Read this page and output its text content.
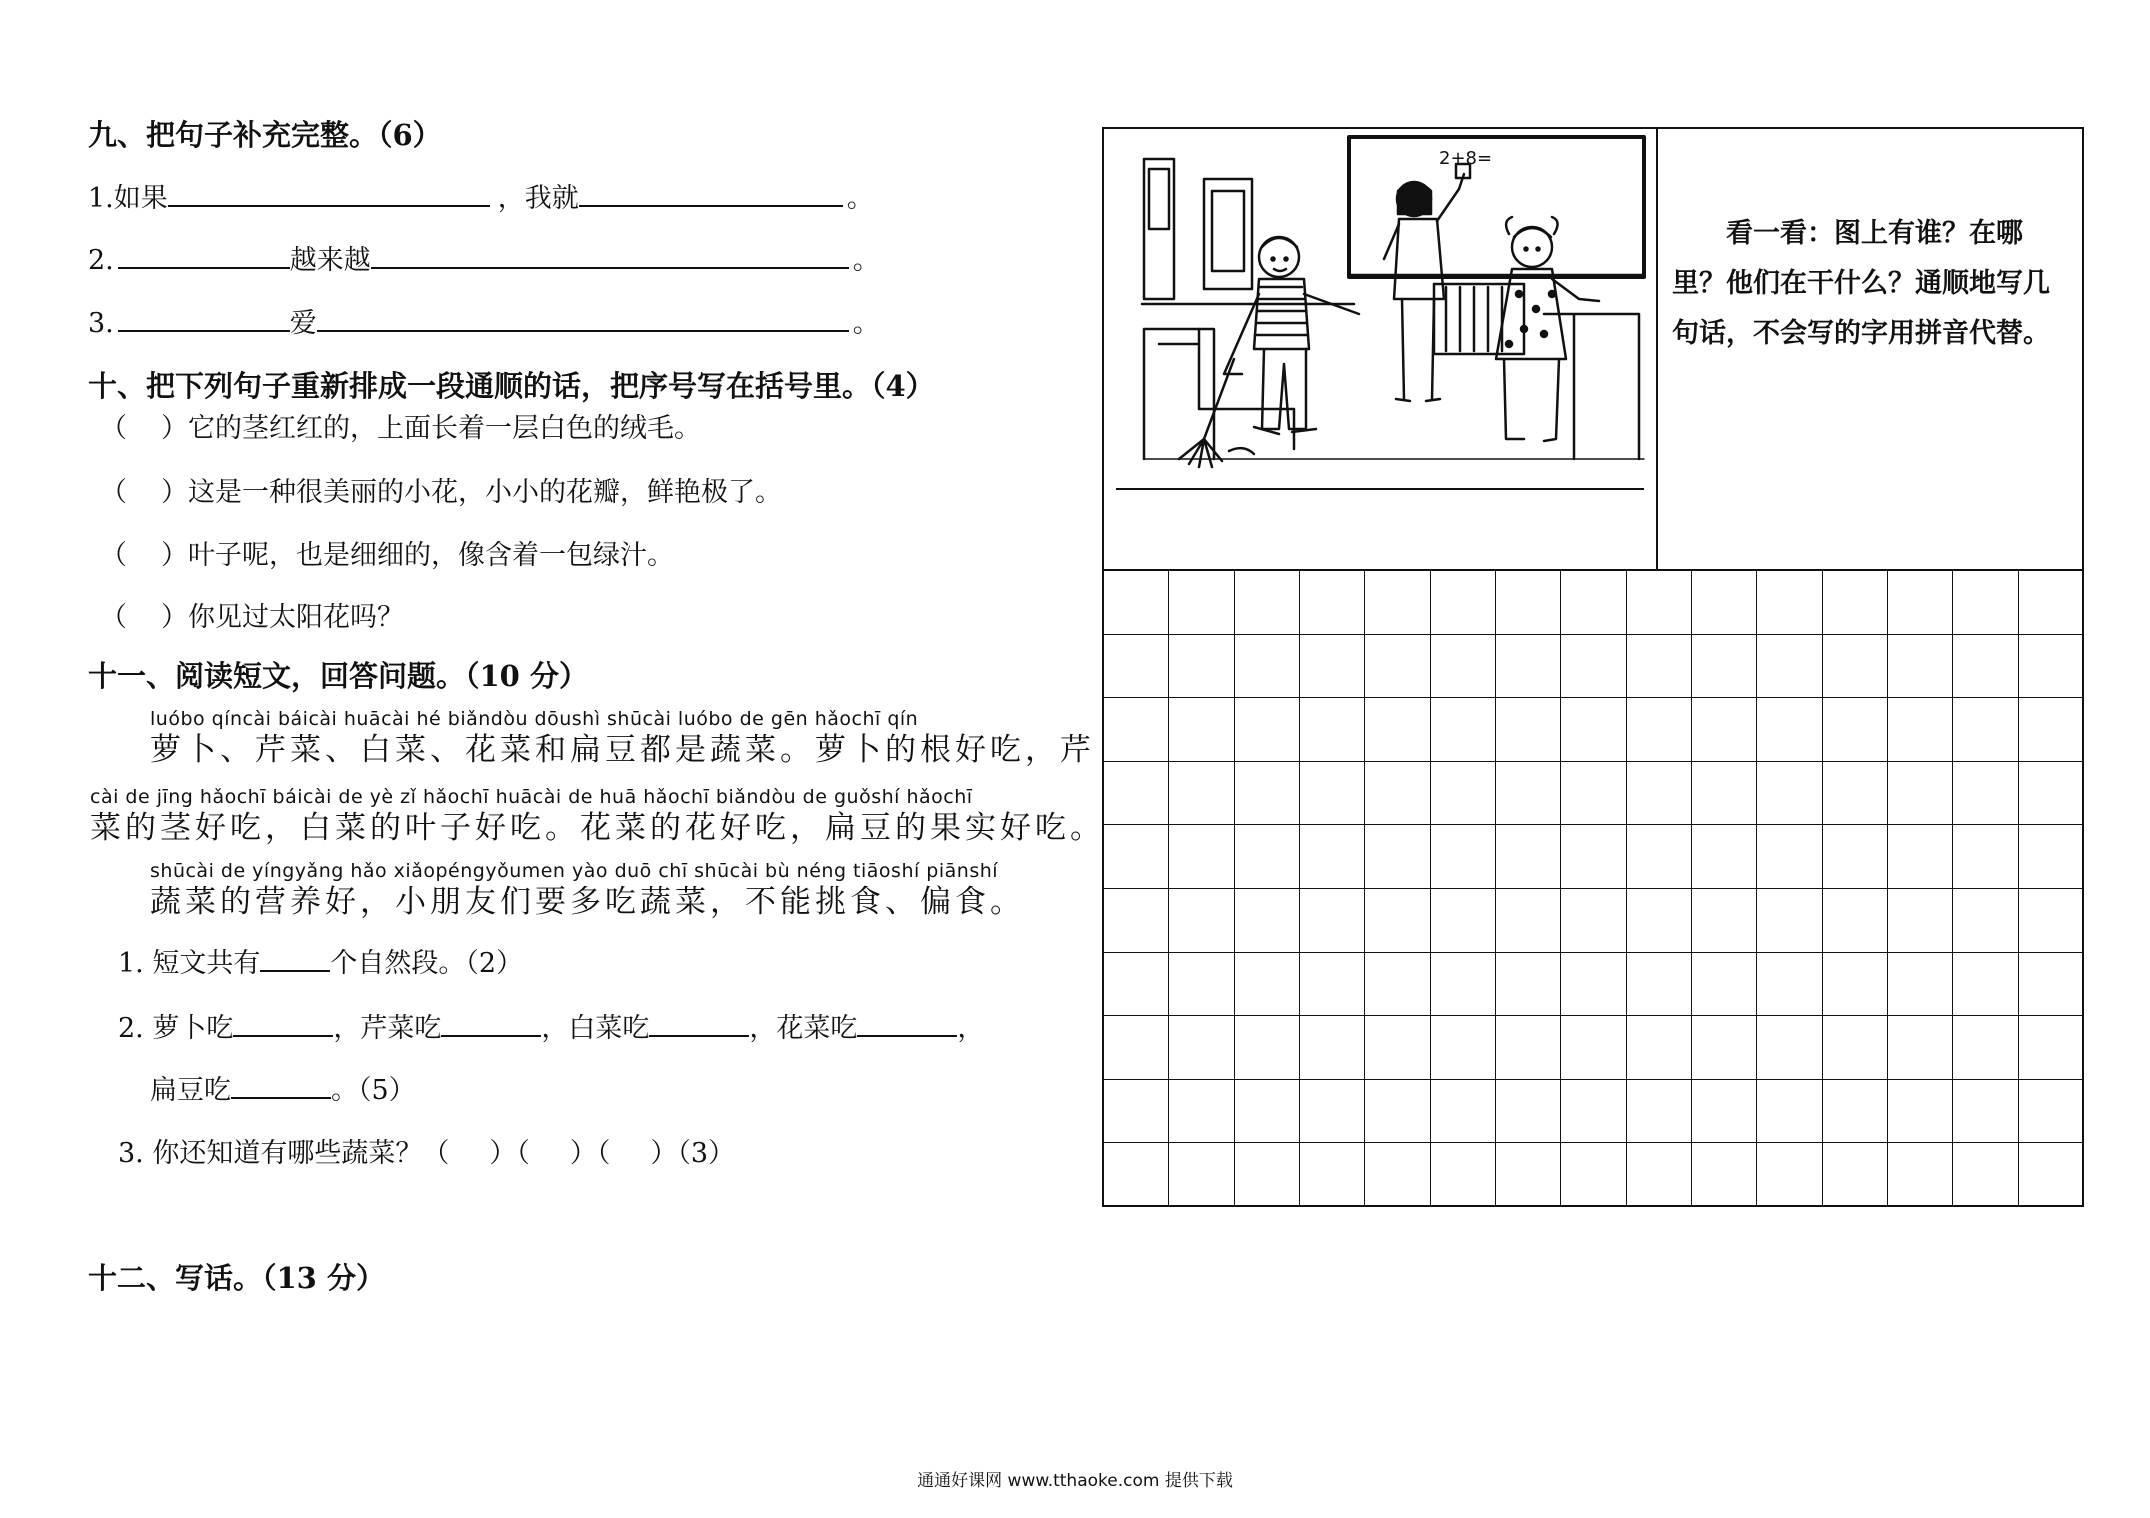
九、把句子补充完整。（6）
1.如果	，我就	。
2.	越来越	。
3.	爱	。
十、把下列句子重新排成一段通顺的话，把序号写在括号里。（4）
（ ）它的茎红红的，上面长着一层白色的绒毛。
（ ）这是一种很美丽的小花，小小的花瓣，鲜艳极了。
（ ）叶子呢，也是细细的，像含着一包绿汁。
（ ）你见过太阳花吗？
十一、阅读短文，回答问题。（10 分）
luóbo qíncài báicài huācài hé biǎndòu dōushì shūcài luóbo de gēn hǎochī qín
萝卜、芹菜、白菜、花菜和扁豆都是蔬菜。萝卜的根好吃，芹
cài de jīng hǎochī báicài de yè zǐ hǎochī huācài de huā hǎochī biǎndòu de guǒshí hǎochī
菜的茎好吃，白菜的叶子好吃。花菜的花好吃，扁豆的果实好吃。
shūcài de yíngyǎng hǎo xiǎopéngyǒumen yào duō chī shūcài bù néng tiāoshí piānshí
蔬菜的营养好，小朋友们要多吃蔬菜，不能挑食、偏食。
1. 短文共有	个自然段。（2）
2. 萝卜吃	，芹菜吃	，白菜吃	，花菜吃	，
扁豆吃	。（5）
3. 你还知道有哪些蔬菜？（ ）（ ）（ ）（3）
十二、写话。（13 分）
2+8=
看一看：图上有谁？在哪里？他们在干什么？通顺地写几句话，不会写的字用拼音代替。
通通好课网 www.tthaoke.com 提供下载
